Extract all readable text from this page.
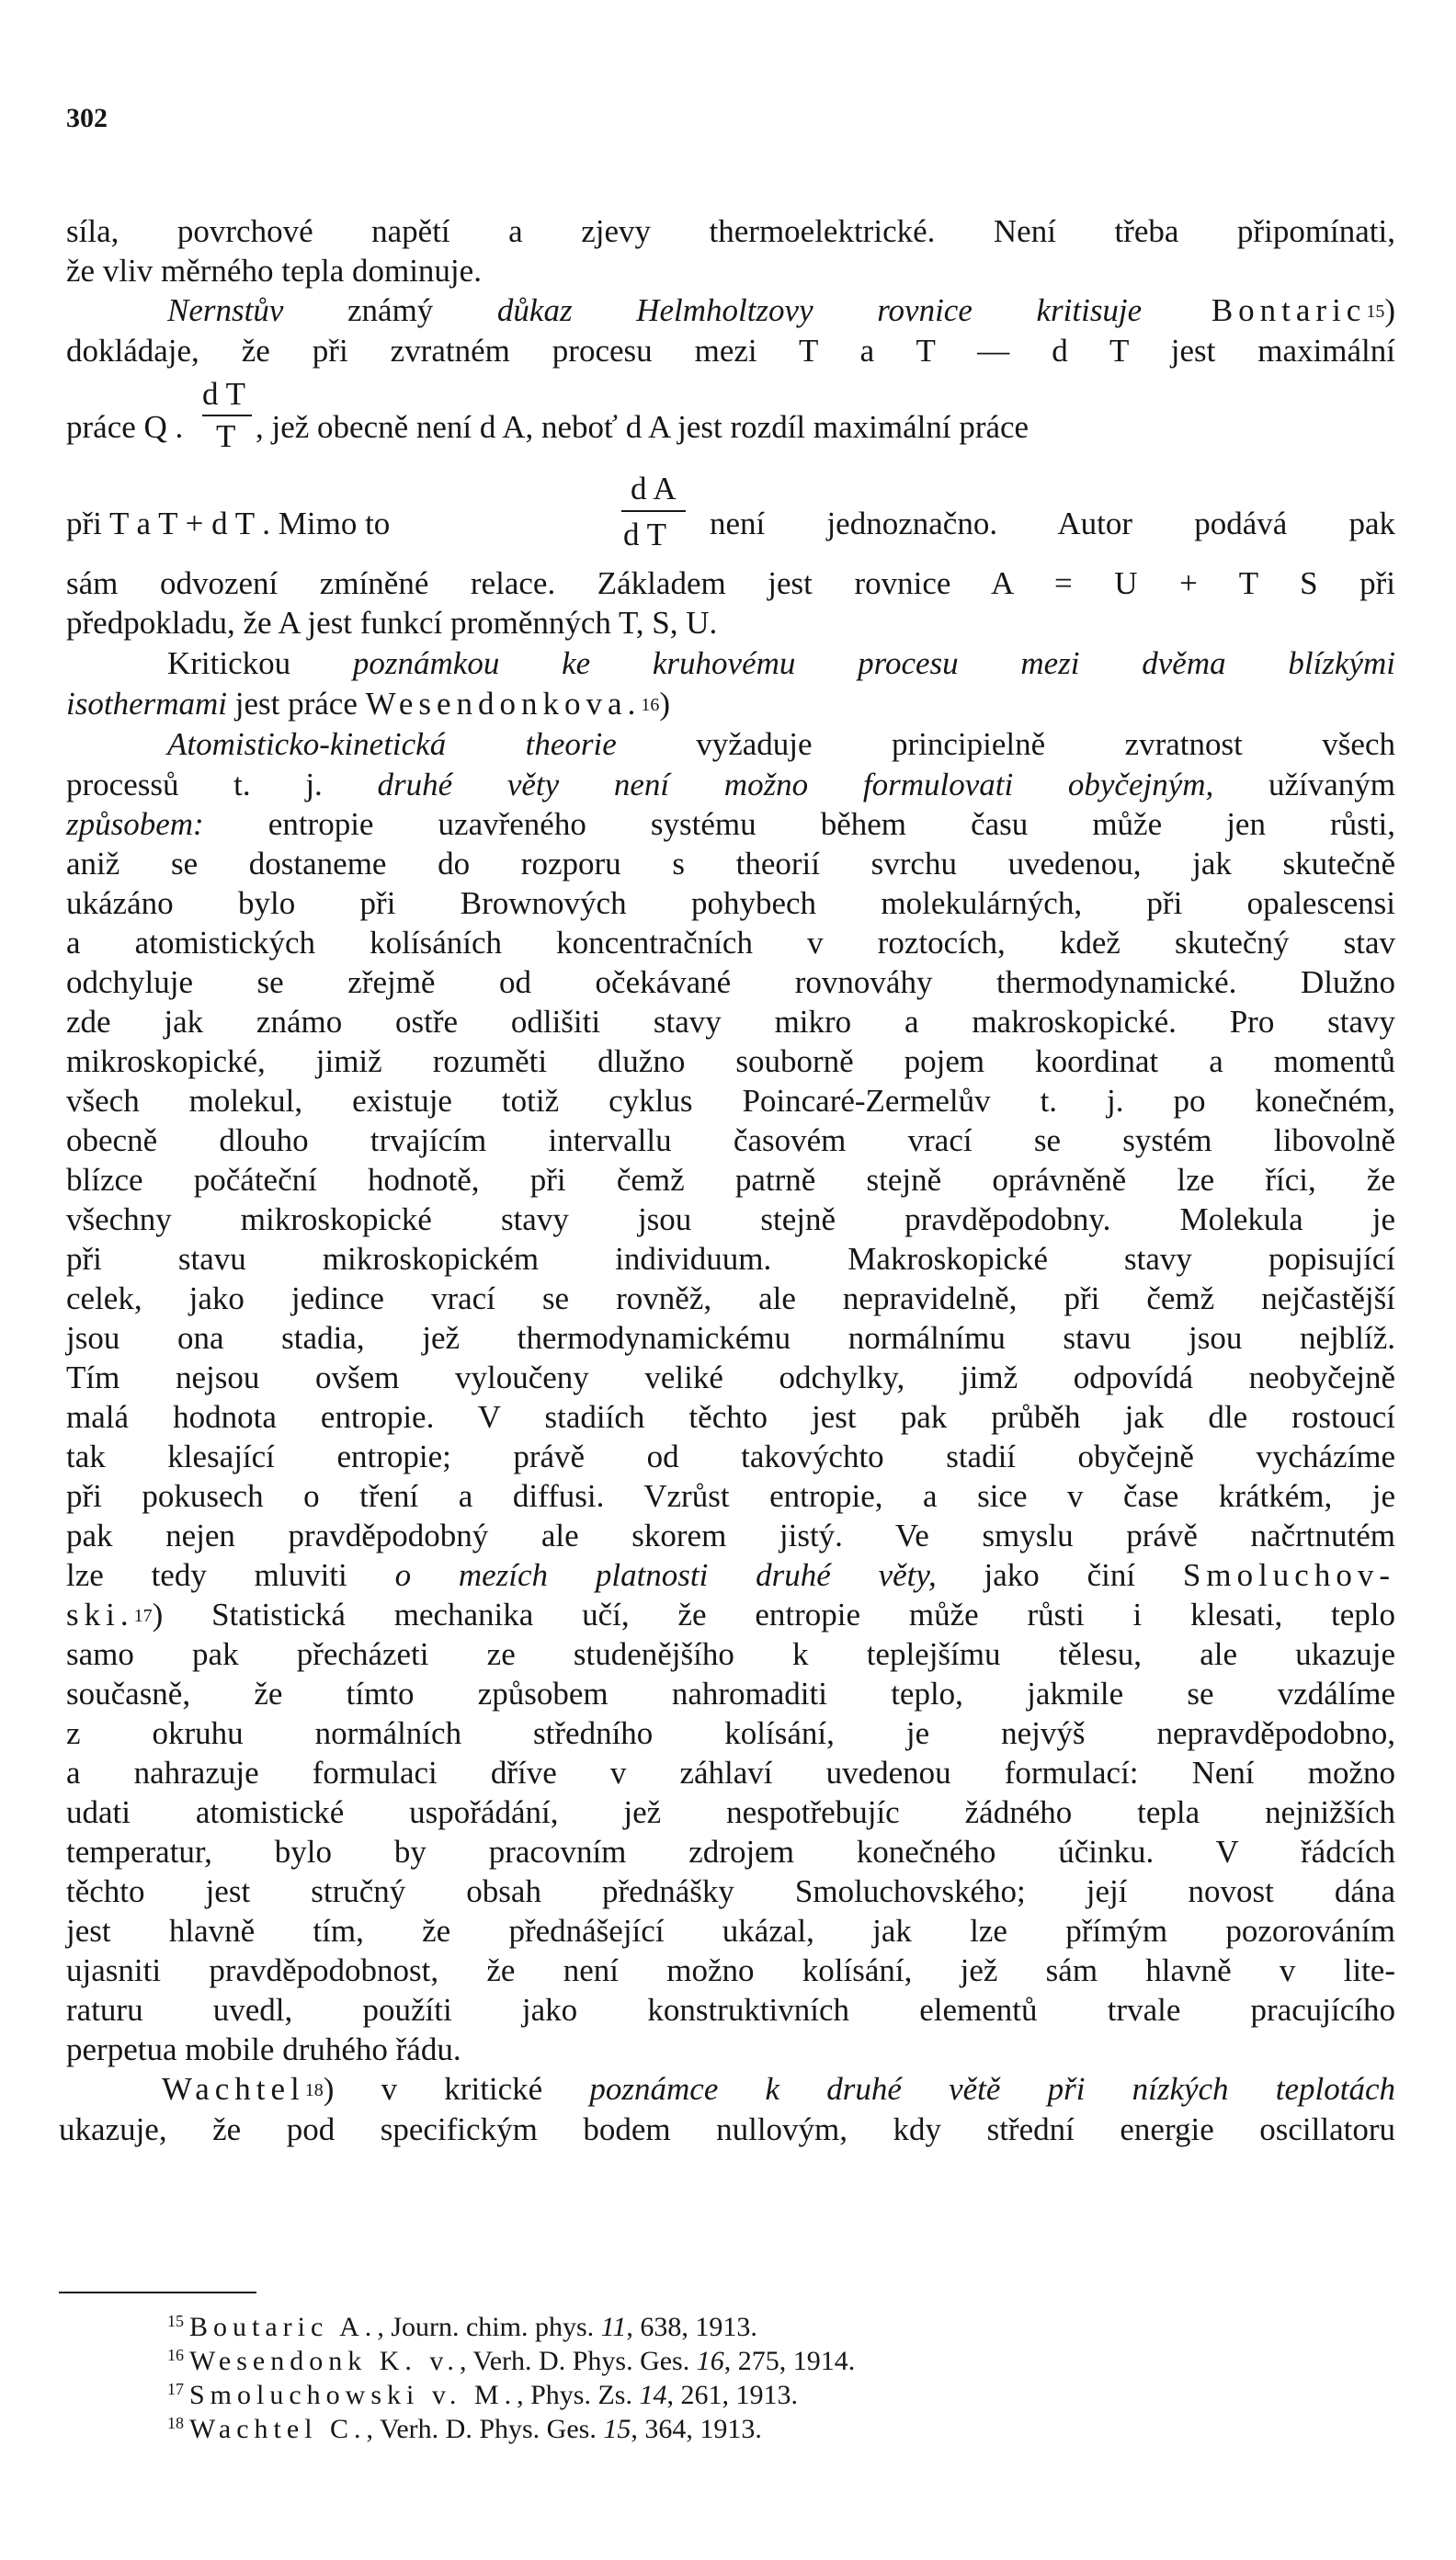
302
síla, povrchové napětí a zjevy thermoelektrické. Není třeba připomínati,
že vliv měrného tepla dominuje.
Nernstův známý důkaz Helmholtzovy rovnice kritisuje Bontaric$^{15}$)
dokládaje, že při zvratném procesu mezi T a T — d T jest maximální
práce Q .
d T
T , jež obecně není d A, neboť d A jest rozdíl maximální práce
při T a T + d T . Mimo to
d A
d T není jednoznačno. Autor podává pak
sám odvození zmíněné relace. Základem jest rovnice A = U + T S při
předpokladu, že A jest funkcí proměnných T, S, U.
Kritickou poznámkou ke kruhovému procesu mezi dvěma blízkými
isothermami jest práce Wesendonkova.$^{16}$)
Atomisticko-kinetická theorie vyžaduje principielně zvratnost všech
processů t. j. druhé věty není možno formulovati obyčejným, užívaným
způsobem: entropie uzavřeného systému během času může jen růsti,
aniž se dostaneme do rozporu s theorií svrchu uvedenou, jak skutečně
ukázáno bylo při Brownových pohybech molekulárných, při opalescensi
a atomistických kolísáních koncentračních v roztocích, kdež skutečný stav
odchyluje se zřejmě od očekávané rovnováhy thermodynamické. Dlužno
zde jak známo ostře odlišiti stavy mikro a makroskopické. Pro stavy
mikroskopické, jimiž rozuměti dlužno souborně pojem koordinat a momentů
všech molekul, existuje totiž cyklus Poincaré-Zermelův t. j. po konečném,
obecně dlouho trvajícím intervallu časovém vrací se systém libovolně
blízce počáteční hodnotě, při čemž patrně stejně oprávněně lze říci, že
všechny mikroskopické stavy jsou stejně pravděpodobny. Molekula je
při stavu mikroskopickém individuum. Makroskopické stavy popisující
celek, jako jedince vrací se rovněž, ale nepravidelně, při čemž nejčastější
jsou ona stadia, jež thermodynamickému normálnímu stavu jsou nejblíž.
Tím nejsou ovšem vyloučeny veliké odchylky, jimž odpovídá neobyčejně
malá hodnota entropie. V stadiích těchto jest pak průběh jak dle rostoucí
tak klesající entropie; právě od takovýchto stadií obyčejně vycházíme
při pokusech o tření a diffusi. Vzrůst entropie, a sice v čase krátkém, je
pak nejen pravděpodobný ale skorem jistý. Ve smyslu právě načrtnutém
lze tedy mluviti o mezích platnosti druhé věty, jako činí Smoluchov-
ski.$^{17}$) Statistická mechanika učí, že entropie může růsti i klesati, teplo
samo pak přecházeti ze studenějšího k teplejšímu tělesu, ale ukazuje
současně, že tímto způsobem nahromaditi teplo, jakmile se vzdálíme
z okruhu normálních středního kolísání, je nejvýš nepravděpodobno,
a nahrazuje formulaci dříve v záhlaví uvedenou formulací: Není možno
udati atomistické uspořádání, jež nespotřebujíc žádného tepla nejnižších
temperatur, bylo by pracovním zdrojem konečného účinku. V řádcích
těchto jest stručný obsah přednášky Smoluchovského; její novost dána
jest hlavně tím, že přednášející ukázal, jak lze přímým pozorováním
ujasniti pravděpodobnost, že není možno kolísání, jež sám hlavně v lite-
raturu uvedl, použíti jako konstruktivních elementů trvale pracujícího
perpetua mobile druhého řádu.
Wachtel$^{18}$) v kritické poznámce k druhé větě při nízkých teplotách
ukazuje, že pod specifickým bodem nullovým, kdy střední energie oscillatoru
$^{15}$ Boutaric A., Journ. chim. phys. 11, 638, 1913.
$^{16}$ Wesendonk K. v., Verh. D. Phys. Ges. 16, 275, 1914.
$^{17}$ Smoluchowski v. M., Phys. Zs. 14, 261, 1913.
$^{18}$ Wachtel C., Verh. D. Phys. Ges. 15, 364, 1913.
